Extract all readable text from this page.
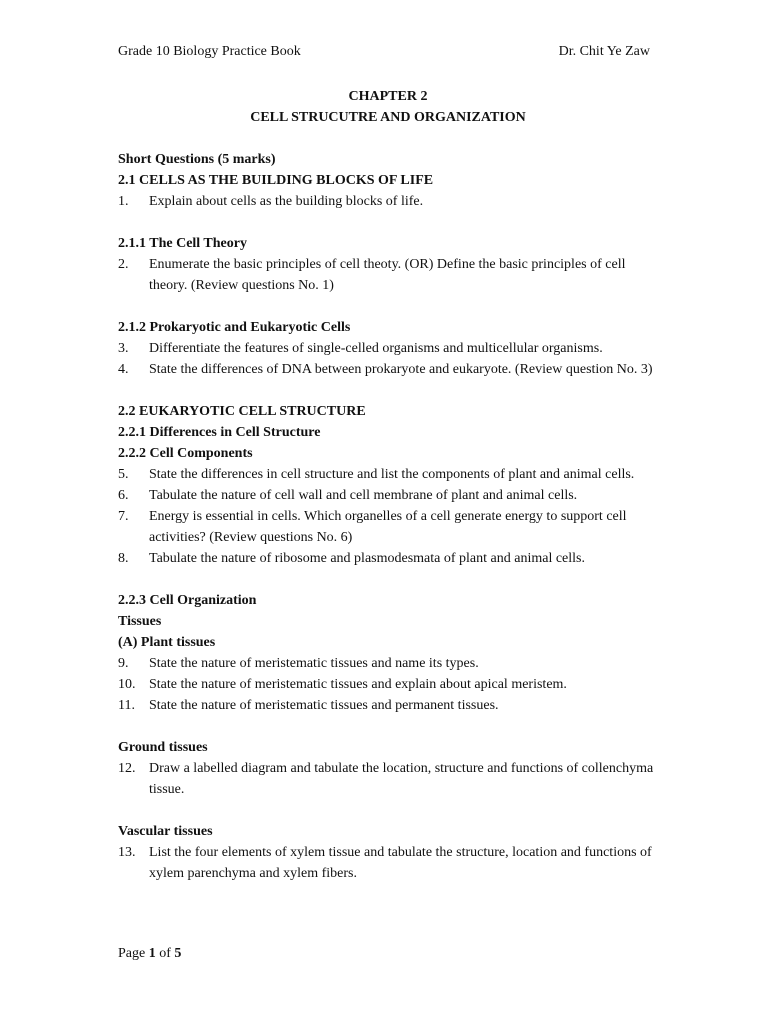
Grade 10 Biology Practice Book	Dr. Chit Ye Zaw
CHAPTER 2
CELL STRUCUTRE AND ORGANIZATION
Short Questions (5 marks)
2.1 CELLS AS THE BUILDING BLOCKS OF LIFE
1.	Explain about cells as the building blocks of life.
2.1.1 The Cell Theory
2.	Enumerate the basic principles of cell theoty. (OR) Define the basic principles of cell theory. (Review questions No. 1)
2.1.2 Prokaryotic and Eukaryotic Cells
3.	Differentiate the features of single-celled organisms and multicellular organisms.
4.	State the differences of DNA between prokaryote and eukaryote. (Review question No. 3)
2.2 EUKARYOTIC CELL STRUCTURE
2.2.1 Differences in Cell Structure
2.2.2 Cell Components
5.	State the differences in cell structure and list the components of plant and animal cells.
6.	Tabulate the nature of cell wall and cell membrane of plant and animal cells.
7.	Energy is essential in cells. Which organelles of a cell generate energy to support cell activities? (Review questions No. 6)
8.	Tabulate the nature of ribosome and plasmodesmata of plant and animal cells.
2.2.3 Cell Organization
Tissues
(A) Plant tissues
9.	State the nature of meristematic tissues and name its types.
10. State the nature of meristematic tissues and explain about apical meristem.
11.	State the nature of meristematic tissues and permanent tissues.
Ground tissues
12. Draw a labelled diagram and tabulate the location, structure and functions of collenchyma tissue.
Vascular tissues
13. List the four elements of xylem tissue and tabulate the structure, location and functions of xylem parenchyma and xylem fibers.
Page 1 of 5
